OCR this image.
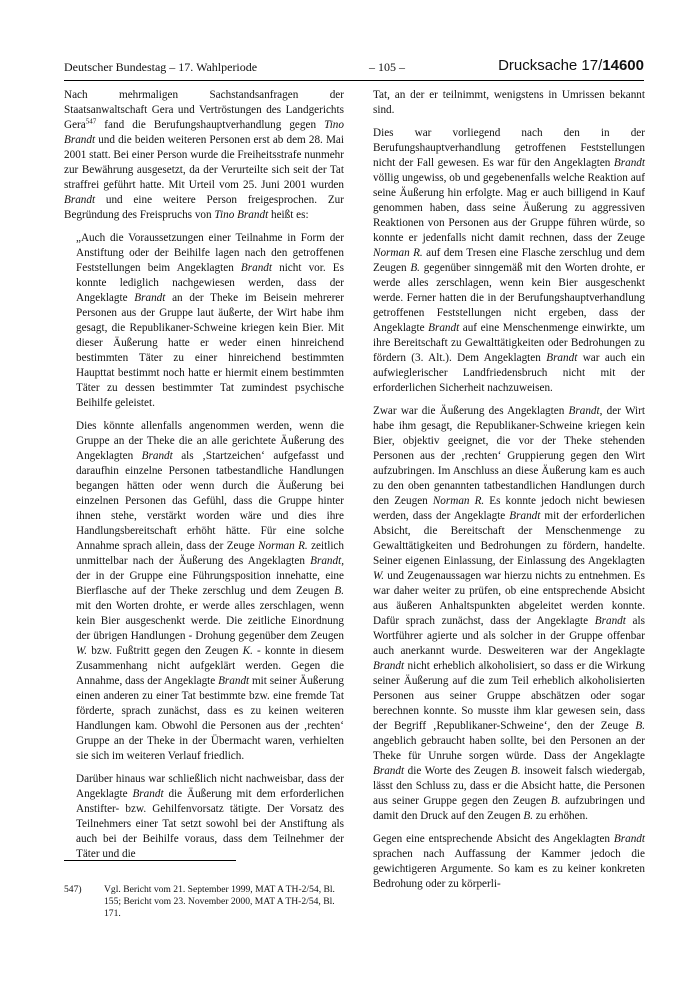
Deutscher Bundestag – 17. Wahlperiode	– 105 –	Drucksache 17/14600

Nach mehrmaligen Sachstandsanfragen der Staatsanwaltschaft Gera und Vertröstungen des Landgerichts Gera$^{547}$ fand die Berufungshauptverhandlung gegen Tino Brandt und die beiden weiteren Personen erst ab dem 28. Mai 2001 statt. Bei einer Person wurde die Freiheitsstrafe nunmehr zur Bewährung ausgesetzt, da der Verurteilte sich seit der Tat straffrei geführt hatte. Mit Urteil vom 25. Juni 2001 wurden Brandt und eine weitere Person freigesprochen. Zur Begründung des Freispruchs von Tino Brandt heißt es:

„Auch die Voraussetzungen einer Teilnahme in Form der Anstiftung oder der Beihilfe lagen nach den getroffenen Feststellungen beim Angeklagten Brandt nicht vor. Es konnte lediglich nachgewiesen werden, dass der Angeklagte Brandt an der Theke im Beisein mehrerer Personen aus der Gruppe laut äußerte, der Wirt habe ihm gesagt, die Republikaner-Schweine kriegen kein Bier. Mit dieser Äußerung hatte er weder einen hinreichend bestimmten Täter zu einer hinreichend bestimmten Haupttat bestimmt noch hatte er hiermit einem bestimmten Täter zu dessen bestimmter Tat zumindest psychische Beihilfe geleistet.

Dies könnte allenfalls angenommen werden, wenn die Gruppe an der Theke die an alle gerichtete Äußerung des Angeklagten Brandt als ‚Startzeichen‘ aufgefasst und daraufhin einzelne Personen tatbestandliche Handlungen begangen hätten oder wenn durch die Äußerung bei einzelnen Personen das Gefühl, dass die Gruppe hinter ihnen stehe, verstärkt worden wäre und dies ihre Handlungsbereitschaft erhöht hätte. Für eine solche Annahme sprach allein, dass der Zeuge Norman R. zeitlich unmittelbar nach der Äußerung des Angeklagten Brandt, der in der Gruppe eine Führungsposition innehatte, eine Bierflasche auf der Theke zerschlug und dem Zeugen B. mit den Worten drohte, er werde alles zerschlagen, wenn kein Bier ausgeschenkt werde. Die zeitliche Einordnung der übrigen Handlungen - Drohung gegenüber dem Zeugen W. bzw. Fußtritt gegen den Zeugen K. - konnte in diesem Zusammenhang nicht aufgeklärt werden. Gegen die Annahme, dass der Angeklagte Brandt mit seiner Äußerung einen anderen zu einer Tat bestimmte bzw. eine fremde Tat förderte, sprach zunächst, dass es zu keinen weiteren Handlungen kam. Obwohl die Personen aus der ‚rechten‘ Gruppe an der Theke in der Übermacht waren, verhielten sie sich im weiteren Verlauf friedlich.

Darüber hinaus war schließlich nicht nachweisbar, dass der Angeklagte Brandt die Äußerung mit dem erforderlichen Anstifter- bzw. Gehilfenvorsatz tätigte. Der Vorsatz des Teilnehmers einer Tat setzt sowohl bei der Anstiftung als auch bei der Beihilfe voraus, dass dem Teilnehmer der Täter und die

Tat, an der er teilnimmt, wenigstens in Umrissen bekannt sind.

Dies war vorliegend nach den in der Berufungshauptverhandlung getroffenen Feststellungen nicht der Fall gewesen. Es war für den Angeklagten Brandt völlig ungewiss, ob und gegebenenfalls welche Reaktion auf seine Äußerung hin erfolgte. Mag er auch billigend in Kauf genommen haben, dass seine Äußerung zu aggressiven Reaktionen von Personen aus der Gruppe führen würde, so konnte er jedenfalls nicht damit rechnen, dass der Zeuge Norman R. auf dem Tresen eine Flasche zerschlug und dem Zeugen B. gegenüber sinngemäß mit den Worten drohte, er werde alles zerschlagen, wenn kein Bier ausgeschenkt werde. Ferner hatten die in der Berufungshauptverhandlung getroffenen Feststellungen nicht ergeben, dass der Angeklagte Brandt auf eine Menschenmenge einwirkte, um ihre Bereitschaft zu Gewalttätigkeiten oder Bedrohungen zu fördern (3. Alt.). Dem Angeklagten Brandt war auch ein aufwieglerischer Landfriedensbruch nicht mit der erforderlichen Sicherheit nachzuweisen.

Zwar war die Äußerung des Angeklagten Brandt, der Wirt habe ihm gesagt, die Republikaner-Schweine kriegen kein Bier, objektiv geeignet, die vor der Theke stehenden Personen aus der ‚rechten‘ Gruppierung gegen den Wirt aufzubringen. Im Anschluss an diese Äußerung kam es auch zu den oben genannten tatbestandlichen Handlungen durch den Zeugen Norman R. Es konnte jedoch nicht bewiesen werden, dass der Angeklagte Brandt mit der erforderlichen Absicht, die Bereitschaft der Menschenmenge zu Gewalttätigkeiten und Bedrohungen zu fördern, handelte. Seiner eigenen Einlassung, der Einlassung des Angeklagten W. und Zeugenaussagen war hierzu nichts zu entnehmen. Es war daher weiter zu prüfen, ob eine entsprechende Absicht aus äußeren Anhaltspunkten abgeleitet werden konnte. Dafür sprach zunächst, dass der Angeklagte Brandt als Wortführer agierte und als solcher in der Gruppe offenbar auch anerkannt wurde. Desweiteren war der Angeklagte Brandt nicht erheblich alkoholisiert, so dass er die Wirkung seiner Äußerung auf die zum Teil erheblich alkoholisierten Personen aus seiner Gruppe abschätzen oder sogar berechnen konnte. So musste ihm klar gewesen sein, dass der Begriff ‚Republikaner-Schweine‘, den der Zeuge B. angeblich gebraucht haben sollte, bei den Personen an der Theke für Unruhe sorgen würde. Dass der Angeklagte Brandt die Worte des Zeugen B. insoweit falsch wiedergab, lässt den Schluss zu, dass er die Absicht hatte, die Personen aus seiner Gruppe gegen den Zeugen B. aufzubringen und damit den Druck auf den Zeugen B. zu erhöhen.

Gegen eine entsprechende Absicht des Angeklagten Brandt sprachen nach Auffassung der Kammer jedoch die gewichtigeren Argumente. So kam es zu keiner konkreten Bedrohung oder zu körperli-

547) Vgl. Bericht vom 21. September 1999, MAT A TH-2/54, Bl. 155; Bericht vom 23. November 2000, MAT A TH-2/54, Bl. 171.
